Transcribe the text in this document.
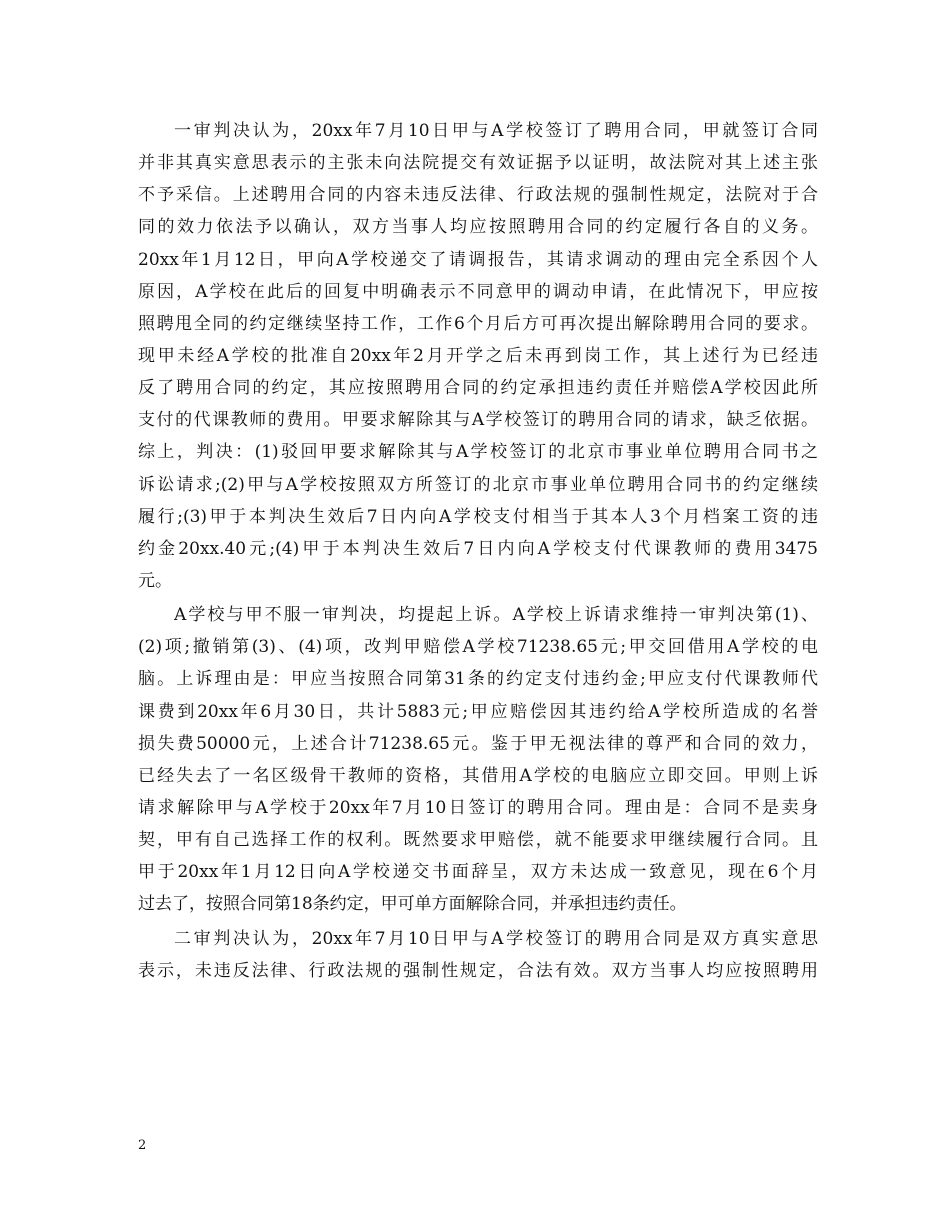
一审判决认为，20xx年7月10日甲与A学校签订了聘用合同，甲就签订合同
并非其真实意思表示的主张未向法院提交有效证据予以证明，故法院对其上述主张
不予采信。上述聘用合同的内容未违反法律、行政法规的强制性规定，法院对于合
同的效力依法予以确认，双方当事人均应按照聘用合同的约定履行各自的义务。
20xx年1月12日，甲向A学校递交了请调报告，其请求调动的理由完全系因个人
原因，A学校在此后的回复中明确表示不同意甲的调动申请，在此情况下，甲应按
照聘甩全同的约定继续坚持工作，工作6个月后方可再次提出解除聘用合同的要求。
现甲未经A学校的批准自20xx年2月开学之后未再到岗工作，其上述行为已经违
反了聘用合同的约定，其应按照聘用合同的约定承担违约责任并赔偿A学校因此所
支付的代课教师的费用。甲要求解除其与A学校签订的聘用合同的请求，缺乏依据。
综上，判决：(1)驳回甲要求解除其与A学校签订的北京市事业单位聘用合同书之
诉讼请求;(2)甲与A学校按照双方所签订的北京市事业单位聘用合同书的约定继续
履行;(3)甲于本判决生效后7日内向A学校支付相当于其本人3个月档案工资的违
约金20xx.40元;(4)甲于本判决生效后7日内向A学校支付代课教师的费用3475
元。
A学校与甲不服一审判决，均提起上诉。A学校上诉请求维持一审判决第(1)、
(2)项;撤销第(3)、(4)项，改判甲赔偿A学校71238.65元;甲交回借用A学校的电
脑。上诉理由是：甲应当按照合同第31条的约定支付违约金;甲应支付代课教师代
课费到20xx年6月30日，共计5883元;甲应赔偿因其违约给A学校所造成的名誉
损失费50000元，上述合计71238.65元。鉴于甲无视法律的尊严和合同的效力，
已经失去了一名区级骨干教师的资格，其借用A学校的电脑应立即交回。甲则上诉
请求解除甲与A学校于20xx年7月10日签订的聘用合同。理由是：合同不是卖身
契，甲有自己选择工作的权利。既然要求甲赔偿，就不能要求甲继续履行合同。且
甲于20xx年1月12日向A学校递交书面辞呈，双方未达成一致意见，现在6个月
过去了，按照合同第18条约定，甲可单方面解除合同，并承担违约责任。
二审判决认为，20xx年7月10日甲与A学校签订的聘用合同是双方真实意思
表示，未违反法律、行政法规的强制性规定，合法有效。双方当事人均应按照聘用
2
